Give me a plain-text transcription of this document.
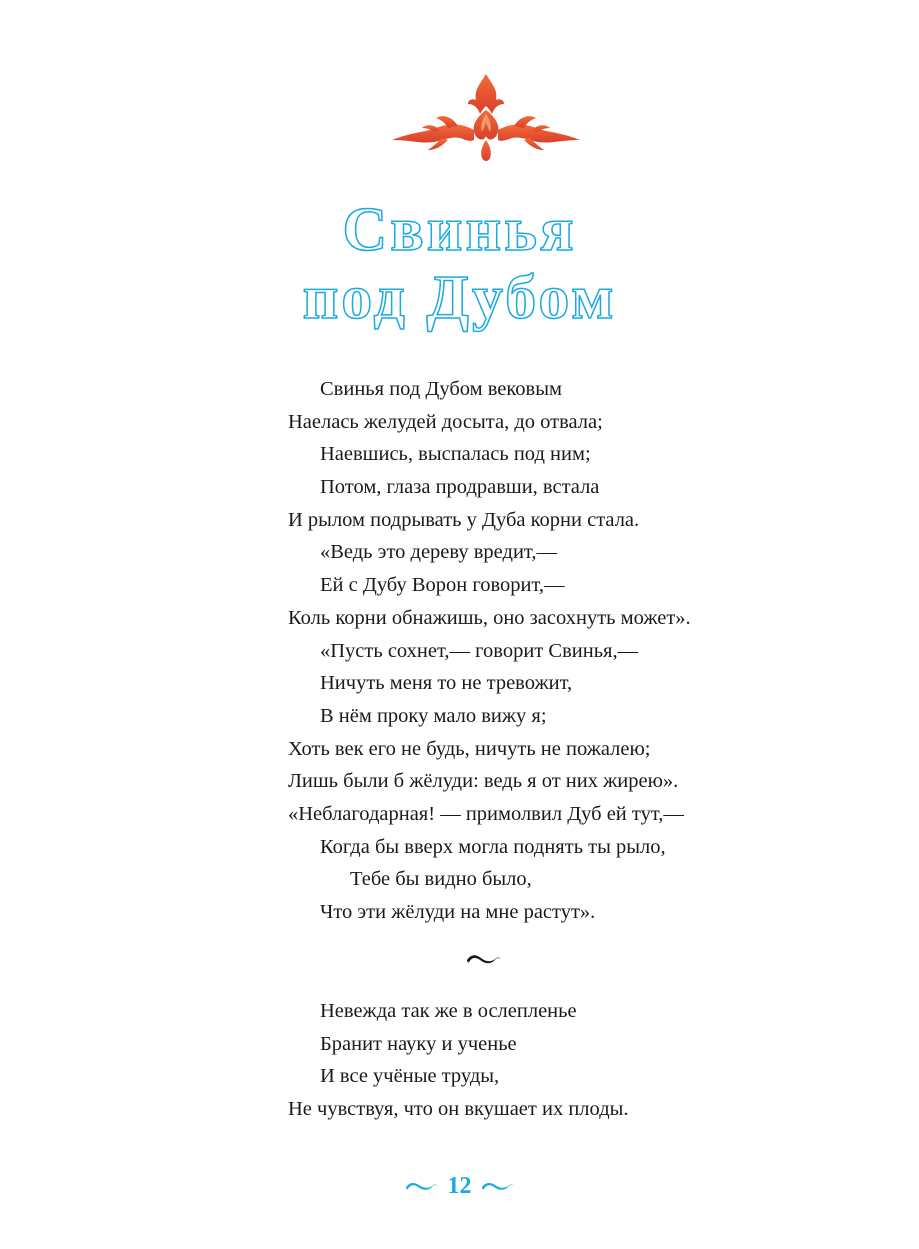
Свинья
под Дубом
Свинья под Дубом вековым
Наелась желудей досыта, до отвала;
Наевшись, выспалась под ним;
Потом, глаза продравши, встала
И рылом подрывать у Дуба корни стала.
«Ведь это дереву вредит,—
Ей с Дубу Ворон говорит,—
Коль корни обнажишь, оно засохнуть может».
«Пусть сохнет,— говорит Свинья,—
Ничуть меня то не тревожит,
В нём проку мало вижу я;
Хоть век его не будь, ничуть не пожалею;
Лишь были б жёлуди: ведь я от них жирею».
«Неблагодарная! — примолвил Дуб ей тут,—
Когда бы вверх могла поднять ты рыло,
Тебе бы видно было,
Что эти жёлуди на мне растут».
Невежда так же в ослепленье
Бранит науку и ученье
И все учёные труды,
Не чувствуя, что он вкушает их плоды.
12
